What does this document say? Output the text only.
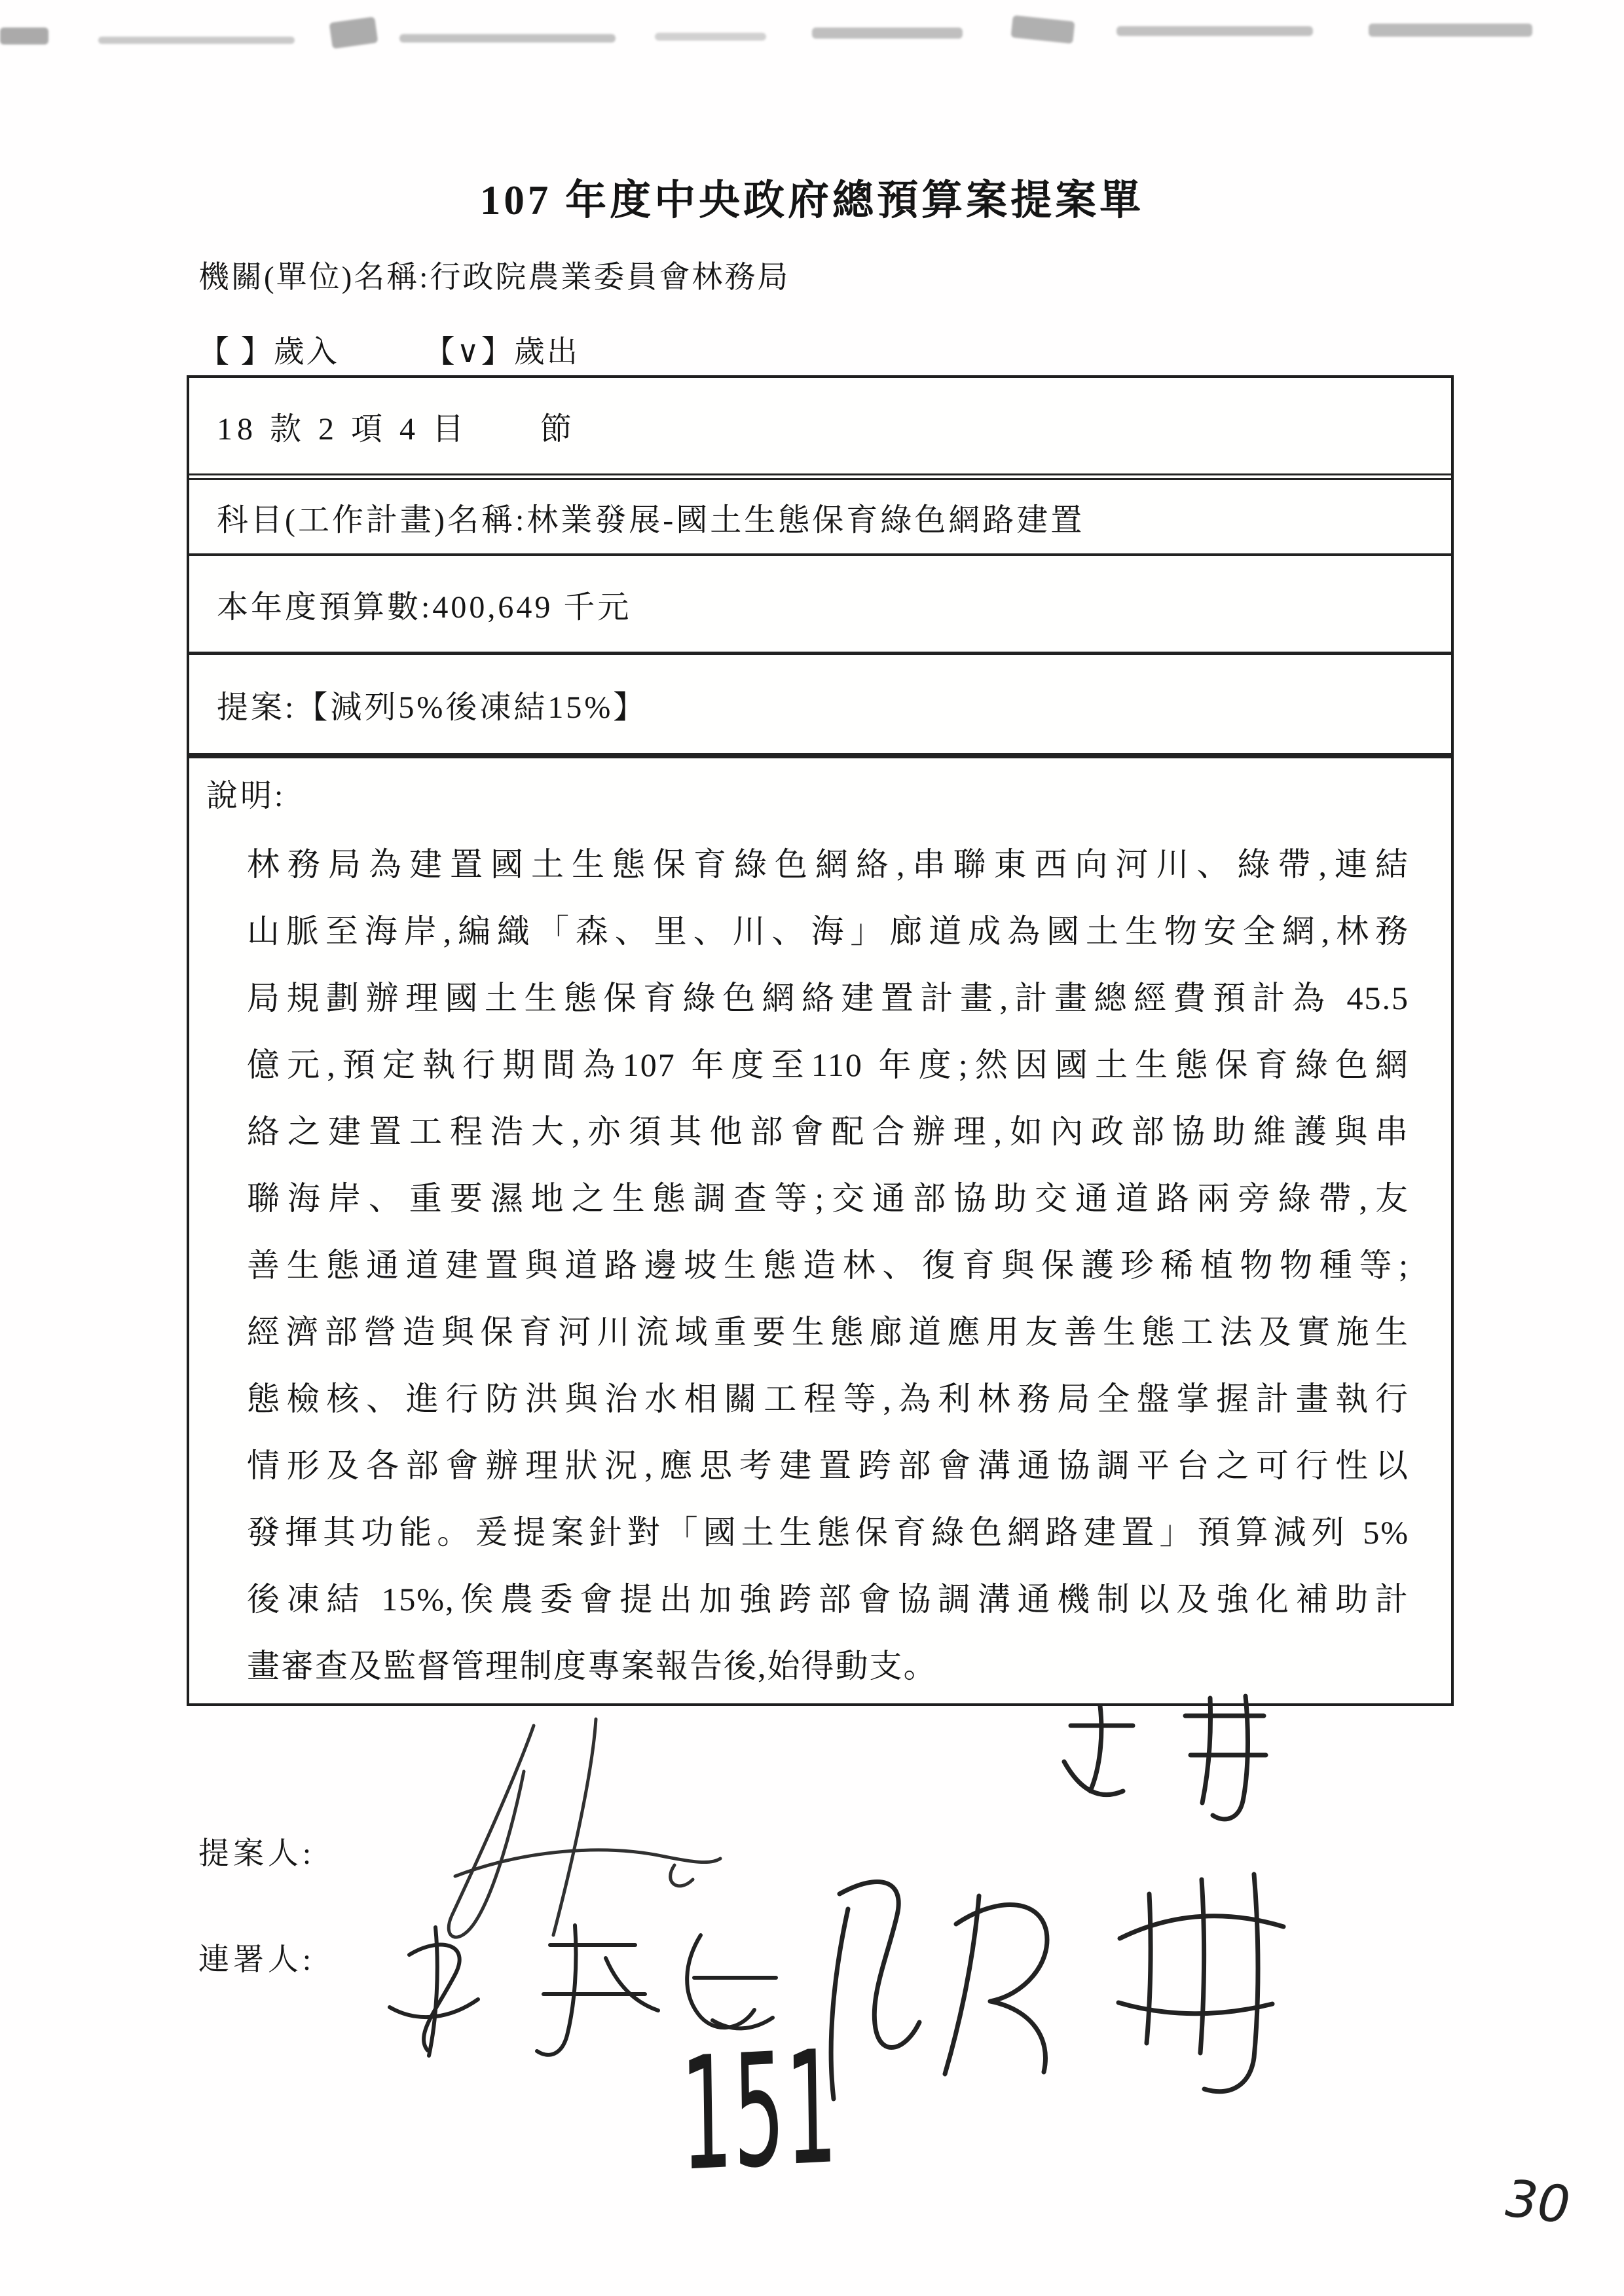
107 年度中央政府總預算案提案單
機關(單位)名稱:行政院農業委員會林務局
【 】歲入	【∨】歲出
18 款 2 項 4 目　　節
科目(工作計畫)名稱:林業發展-國土生態保育綠色網路建置
本年度預算數:400,649 千元
提案:【減列5%後凍結15%】
說明:
林務局為建置國土生態保育綠色網絡,串聯東西向河川、綠帶,連結
山脈至海岸,編織「森、里、川、海」廊道成為國土生物安全網,林務
局規劃辦理國土生態保育綠色網絡建置計畫,計畫總經費預計為 45.5
億元,預定執行期間為107 年度至110 年度;然因國土生態保育綠色網
絡之建置工程浩大,亦須其他部會配合辦理,如內政部協助維護與串
聯海岸、重要濕地之生態調查等;交通部協助交通道路兩旁綠帶,友
善生態通道建置與道路邊坡生態造林、復育與保護珍稀植物物種等;
經濟部營造與保育河川流域重要生態廊道應用友善生態工法及實施生
態檢核、進行防洪與治水相關工程等,為利林務局全盤掌握計畫執行
情形及各部會辦理狀況,應思考建置跨部會溝通協調平台之可行性以
發揮其功能。爰提案針對「國土生態保育綠色網路建置」預算減列 5%
後凍結 15%,俟農委會提出加強跨部會協調溝通機制以及強化補助計
畫審查及監督管理制度專案報告後,始得動支。
提案人:
連署人:
151	30
